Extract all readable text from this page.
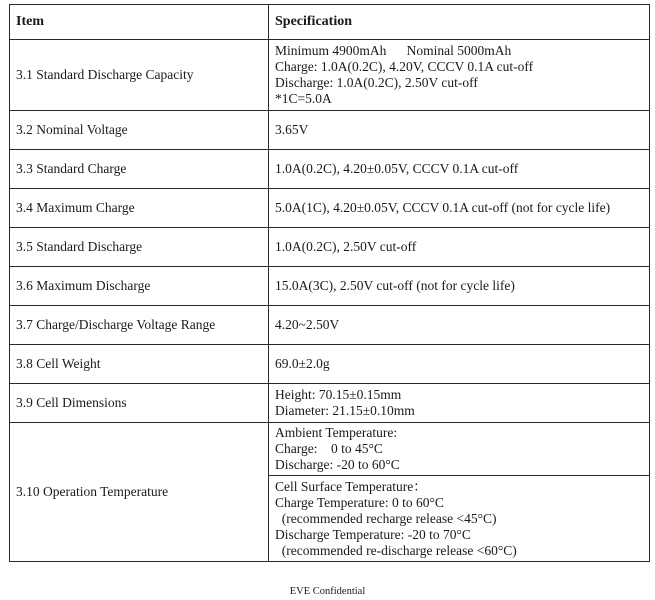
Item	Specification
3.1 Standard Discharge Capacity	Minimum 4900mAh      Nominal 5000mAh
Charge: 1.0A(0.2C), 4.20V, CCCV 0.1A cut-off
Discharge: 1.0A(0.2C), 2.50V cut-off
*1C=5.0A

3.2 Nominal Voltage	3.65V
3.3 Standard Charge	1.0A(0.2C), 4.20±0.05V, CCCV 0.1A cut-off
3.4 Maximum Charge	5.0A(1C), 4.20±0.05V, CCCV 0.1A cut-off (not for cycle life)
3.5 Standard Discharge	1.0A(0.2C), 2.50V cut-off
3.6 Maximum Discharge	15.0A(3C), 2.50V cut-off (not for cycle life)
3.7 Charge/Discharge Voltage Range	4.20~2.50V
3.8 Cell Weight	69.0±2.0g
3.9 Cell Dimensions	Height: 70.15±0.15mm
Diameter: 21.15±0.10mm

3.10 Operation Temperature	Ambient Temperature:
Charge:    0 to 45°C
Discharge: -20 to 60°C

	Cell Surface Temperature：
Charge Temperature: 0 to 60°C
(recommended recharge release <45°C)
Discharge Temperature: -20 to 70°C
(recommended re-discharge release <60°C)
EVE Confidential
